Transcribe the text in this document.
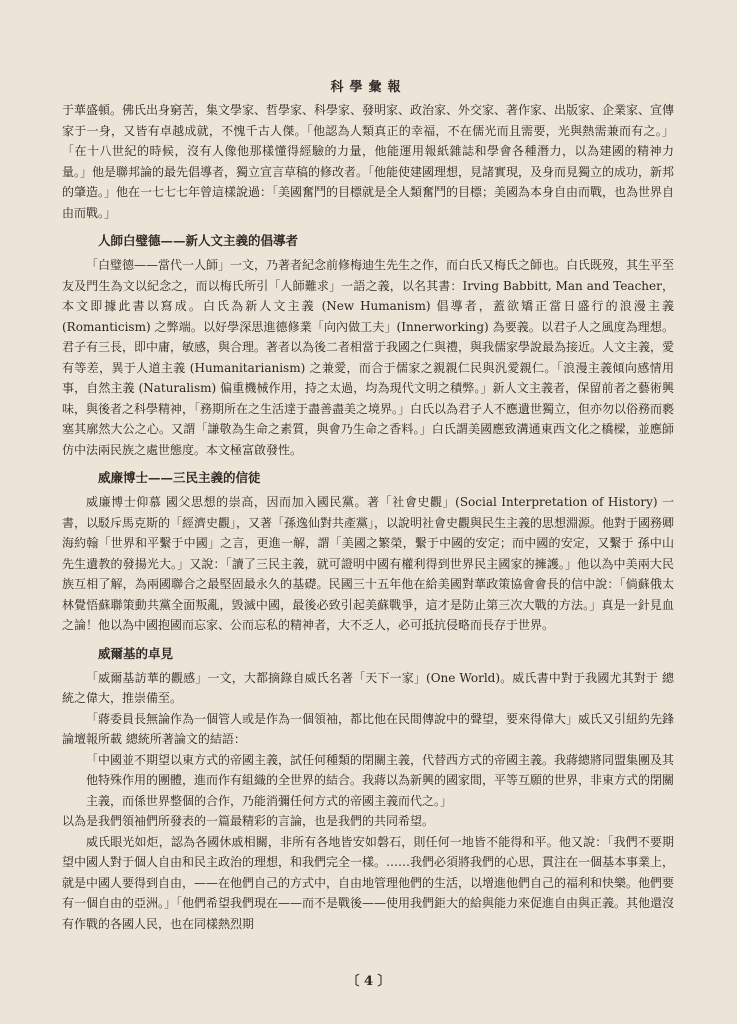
科學彙報

于華盛頓。佛氏出身窮苦，集文學家、哲學家、科學家、發明家、政治家、外交家、著作家、出版家、企業家、宣傳家于一身，又皆有卓越成就，不愧千古人傑。「他認為人類真正的幸福，不在儒光而且需要，光與熱需兼而有之。」「在十八世紀的時候，沒有人像他那樣懂得經驗的力量，他能運用報紙雜誌和學會各種潛力，以為建國的精神力量。」他是聯邦論的最先倡導者，獨立宣言草稿的修改者。「他能使建國理想，見諸實現，及身而見獨立的成功，新邦的肇造。」他在一七七七年曾這樣說過：「美國奮鬥的目標就是全人類奮鬥的目標；美國為本身自由而戰，也為世界自由而戰。」

人師白璧德——新人文主義的倡導者

「白璧德——當代一人師」一文，乃著者紀念前修梅迪生先生之作，而白氏又梅氏之師也。白氏既歿，其生平至友及門生為文以紀念之，而以梅氏所引「人師難求」一語之義，以名其書：Irving Babbitt, Man and Teacher，本文即據此書以寫成。白氏為新人文主義 (New Humanism) 倡導者，蓋欲矯正當日盛行的浪漫主義 (Romanticism) 之弊端。以好學深思進德修業「向內做工夫」(Innerworking) 為要義。以君子人之風度為理想。君子有三長，即中庸，敏感，與合理。著者以為後二者相當于我國之仁與禮，與我儒家學說最為接近。人文主義，愛有等差，異于人道主義 (Humanitarianism) 之兼愛，而合于儒家之親親仁民與汎愛親仁。「浪漫主義傾向感情用事，自然主義 (Naturalism) 偏重機械作用，持之太過，均為現代文明之積弊。」新人文主義者，保留前者之藝術興味，與後者之科學精神，「務期所在之生活達于盡善盡美之境界。」白氏以為君子人不應遺世獨立，但亦勿以俗務而褻塞其廓然大公之心。又謂「謙敬為生命之素質，與會乃生命之香料。」白氏謂美國應致溝通東西文化之橋樑，並應師仿中法兩民族之處世態度。本文極富啟發性。

威廉博士——三民主義的信徒

威廉博士仰慕 國父思想的崇高，因而加入國民黨。著「社會史觀」(Social Interpretation of History) 一書，以駁斥馬克斯的「經濟史觀」，又著「孫逸仙對共產黨」，以說明社會史觀與民生主義的思想淵源。他對于國務卿海約翰「世界和平繫于中國」之言，更進一解，謂「美國之繁榮，繫于中國的安定；而中國的安定，又繫于 孫中山先生遺教的發揚光大。」又說：「讀了三民主義，就可證明中國有權利得到世界民主國家的擁護。」他以為中美兩大民族互相了解，為兩國聯合之最堅固最永久的基礎。民國三十五年他在給美國對華政策協會會長的信中說：「倘蘇俄太林覺悟蘇聯策動共黨全面叛亂，毀滅中國，最後必致引起美蘇戰爭，這才是防止第三次大戰的方法。」真是一針見血之論！他以為中國抱國而忘家、公而忘私的精神者，大不乏人，必可抵抗侵略而長存于世界。

威爾基的卓見

「威爾基訪華的觀感」一文，大都摘錄自威氏名著「天下一家」(One World)。威氏書中對于我國尤其對于 總統之偉大，推崇備至。

「蔣委員長無論作為一個管人或是作為一個領袖，都比他在民間傳說中的聲望，要來得偉大」威氏又引紐約先鋒論壇報所載 總統所著論文的結語：

「中國並不期望以東方式的帝國主義，試任何種類的閉關主義，代替西方式的帝國主義。我蔣總將同盟集團及其他特殊作用的團體，進而作有組織的全世界的結合。我蔣以為新興的國家間，平等互願的世界，非東方式的閉關主義，而係世界整個的合作，乃能消彌任何方式的帝國主義而代之。」

以為是我們領袖們所發表的一篇最精彩的言論，也是我們的共同希望。

威氏眼光如炬，認為各國休戚相關，非所有各地皆安如磐石，則任何一地皆不能得和平。他又說：「我們不要期望中國人對于個人自由和民主政治的理想，和我們完全一樣。……我們必須將我們的心思，貫注在一個基本事業上，就是中國人要得到自由，——在他們自己的方式中，自由地管理他們的生活，以增進他們自己的福利和快樂。他們要有一個自由的亞洲。」「他們希望我們現在——而不是戰後——使用我們鉅大的給與能力來促進自由與正義。其他還沒有作戰的各國人民，也在同樣熱烈期

〔 4 〕
